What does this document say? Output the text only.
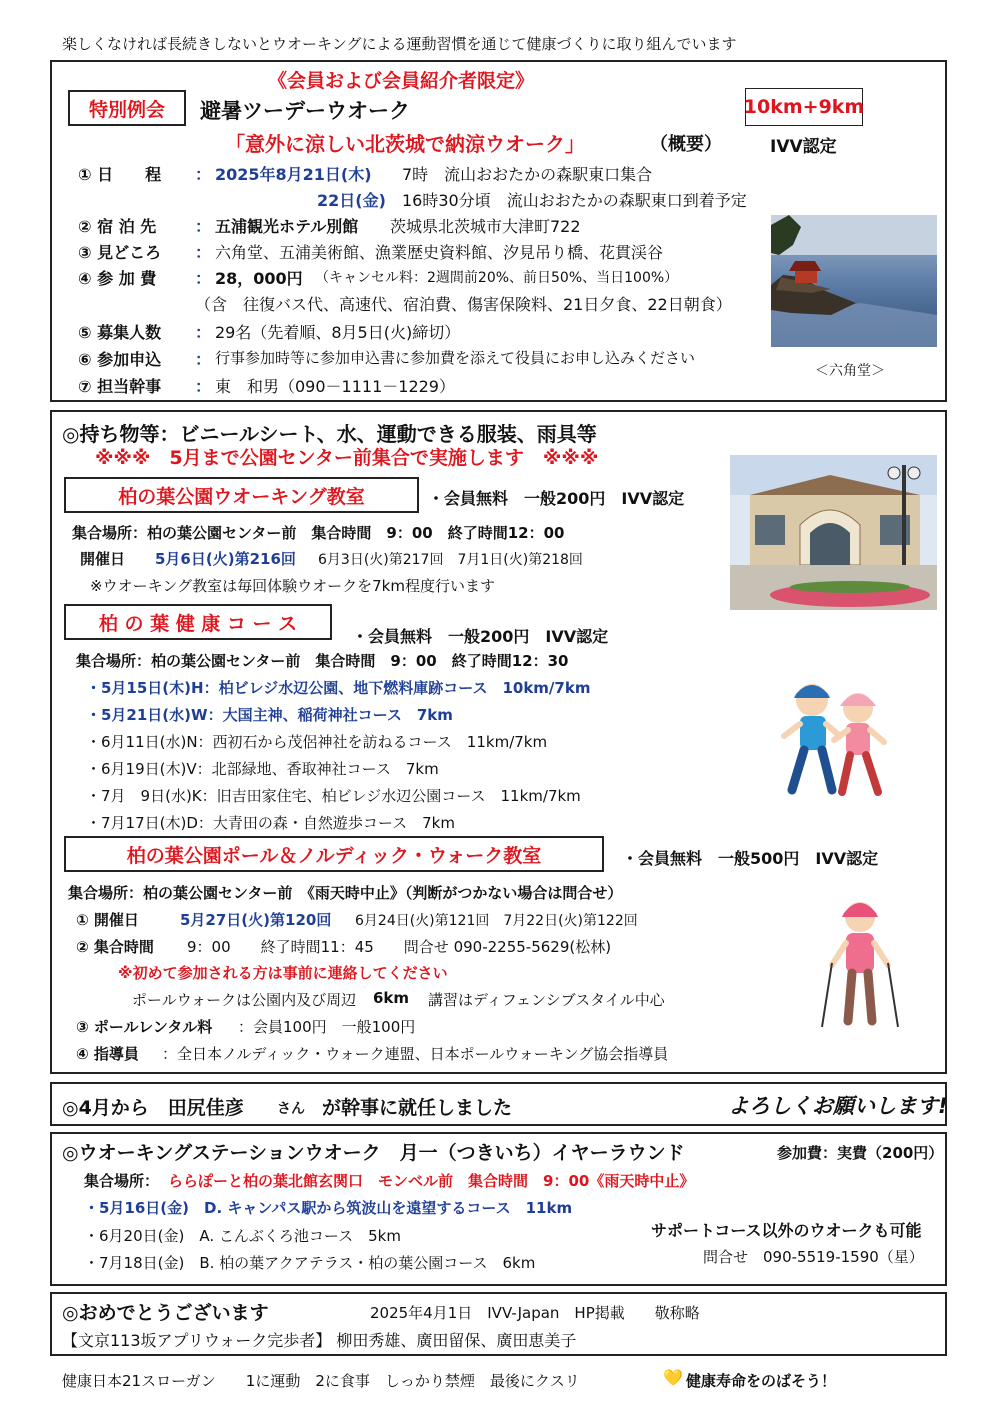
楽しくなければ長続きしないとウオーキングによる運動習慣を通じて健康づくりに取り組んでいます
《会員および会員紹介者限定》
特別例会	避暑ツーデーウオーク	10km+9km
「意外に涼しい北茨城で納涼ウオーク」	（概要）	IVV認定
① 日　　程 ： 2025年8月21日(木) 7時　流山おおたかの森駅東口集合
22日(金) 16時30分頃　流山おおたかの森駅東口到着予定
② 宿 泊 先 ： 五浦観光ホテル別館 茨城県北茨城市大津町722
③ 見どころ ： 六角堂、五浦美術館、漁業歴史資料館、汐見吊り橋、花貫渓谷
④ 参 加 費 ： 28，000円 （キャンセル料：2週間前20%、前日50%、当日100%）
（含　往復バス代、高速代、宿泊費、傷害保険料、21日夕食、22日朝食）
⑤ 募集人数 ： 29名（先着順、8月5日(火)締切）
⑥ 参加申込 ： 行事参加時等に参加申込書に参加費を添えて役員にお申し込みください
⑦ 担当幹事 ： 東　和男（090－1111－1229）
＜六角堂＞
◎持ち物等：ビニールシート、水、運動できる服装、雨具等
※※※　5月まで公園センター前集合で実施します　※※※
柏の葉公園ウオーキング教室	・会員無料　一般200円　IVV認定
集合場所：柏の葉公園センター前　集合時間　9：00　終了時間12：00
開催日 5月6日(火)第216回 6月3日(火)第217回　7月1日(火)第218回
※ウオーキング教室は毎回体験ウオークを7km程度行います
柏 の 葉 健 康 コ ー ス
・会員無料　一般200円　IVV認定
集合場所：柏の葉公園センター前　集合時間　9：00　終了時間12：30
・5月15日(木)H：柏ビレジ水辺公園、地下燃料庫跡コース　10km/7km
・5月21日(水)W：大国主神、稲荷神社コース　7km
・6月11日(水)N：西初石から茂侶神社を訪ねるコース　11km/7km
・6月19日(木)V：北部緑地、香取神社コース　7km
・7月　9日(水)K：旧吉田家住宅、柏ビレジ水辺公園コース　11km/7km
・7月17日(木)D：大青田の森・自然遊歩コース　7km
柏の葉公園ポール＆ノルディック・ウォーク教室	・会員無料　一般500円　IVV認定
集合場所：柏の葉公園センター前　《雨天時中止》（判断がつかない場合は問合せ）
① 開催日	5月27日(火)第120回 6月24日(火)第121回　7月22日(火)第122回
② 集合時間 9：00　　終了時間11：45　　問合せ 090-2255-5629(松林)
※初めて参加される方は事前に連絡してください
ポールウォークは公園内及び周辺 6km 講習はディフェンシブスタイル中心
③ ポールレンタル料 ：会員100円　一般100円
④ 指導員 ：全日本ノルディック・ウォーク連盟、日本ポールウォーキング協会指導員
◎4月から　田尻佳彦 さん が幹事に就任しました	よろしくお願いします!
◎ウオーキングステーションウオーク　月一（つきいち）イヤーラウンド	参加費：実費（200円）
集合場所： ららぽーと柏の葉北館玄関口　モンベル前　集合時間　9：00《雨天時中止》
・5月16日(金)　D. キャンパス駅から筑波山を遠望するコース　11km
・6月20日(金)　A. こんぶくろ池コース　5km
・7月18日(金)　B. 柏の葉アクアテラス・柏の葉公園コース　6km
サポートコース以外のウオークも可能
問合せ　090-5519-1590（星）
◎おめでとうございます	2025年4月1日　IVV-Japan　HP掲載　　敬称略
【文京113坂アプリウォーク完歩者】 柳田秀雄、廣田留保、廣田恵美子
健康日本21スローガン　　1に運動　2に食事　しっかり禁煙　最後にクスリ	💛 健康寿命をのばそう！
